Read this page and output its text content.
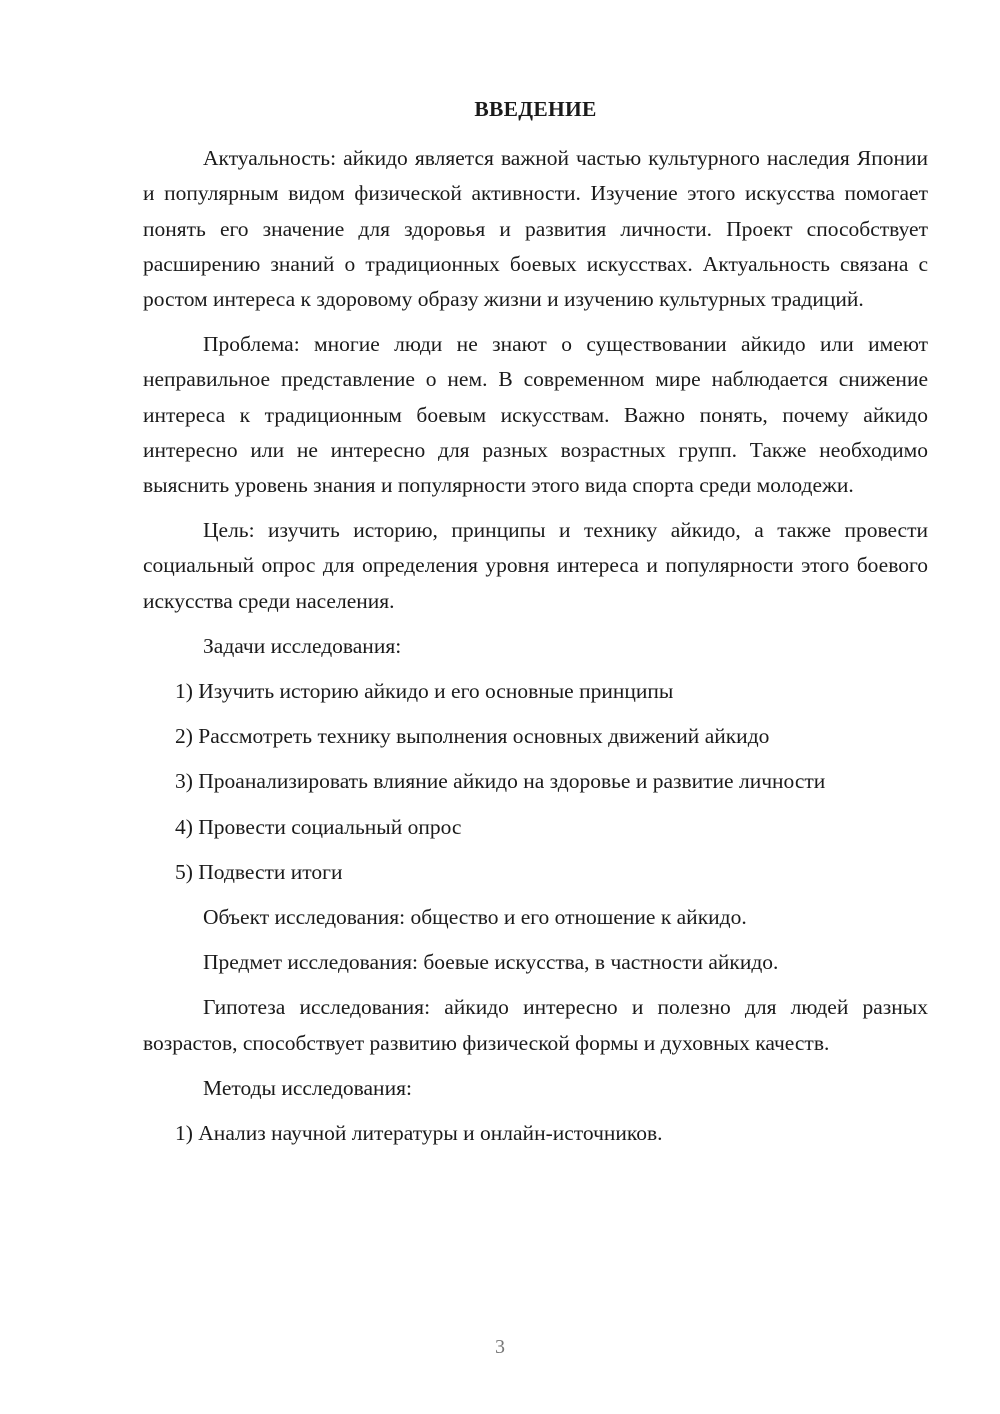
ВВЕДЕНИЕ

Актуальность: айкидо является важной частью культурного наследия Японии и популярным видом физической активности. Изучение этого искусства помогает понять его значение для здоровья и развития личности. Проект способствует расширению знаний о традиционных боевых искусствах. Актуальность связана с ростом интереса к здоровому образу жизни и изучению культурных традиций.

Проблема: многие люди не знают о существовании айкидо или имеют неправильное представление о нем. В современном мире наблюдается снижение интереса к традиционным боевым искусствам. Важно понять, почему айкидо интересно или не интересно для разных возрастных групп. Также необходимо выяснить уровень знания и популярности этого вида спорта среди молодежи.

Цель: изучить историю, принципы и технику айкидо, а также провести социальный опрос для определения уровня интереса и популярности этого боевого искусства среди населения.

Задачи исследования:

1) Изучить историю айкидо и его основные принципы

2) Рассмотреть технику выполнения основных движений айкидо

3) Проанализировать влияние айкидо на здоровье и развитие личности

4) Провести социальный опрос

5) Подвести итоги

Объект исследования: общество и его отношение к айкидо.

Предмет исследования: боевые искусства, в частности айкидо.

Гипотеза исследования: айкидо интересно и полезно для людей разных возрастов, способствует развитию физической формы и духовных качеств.

Методы исследования:

1) Анализ научной литературы и онлайн-источников.

3
